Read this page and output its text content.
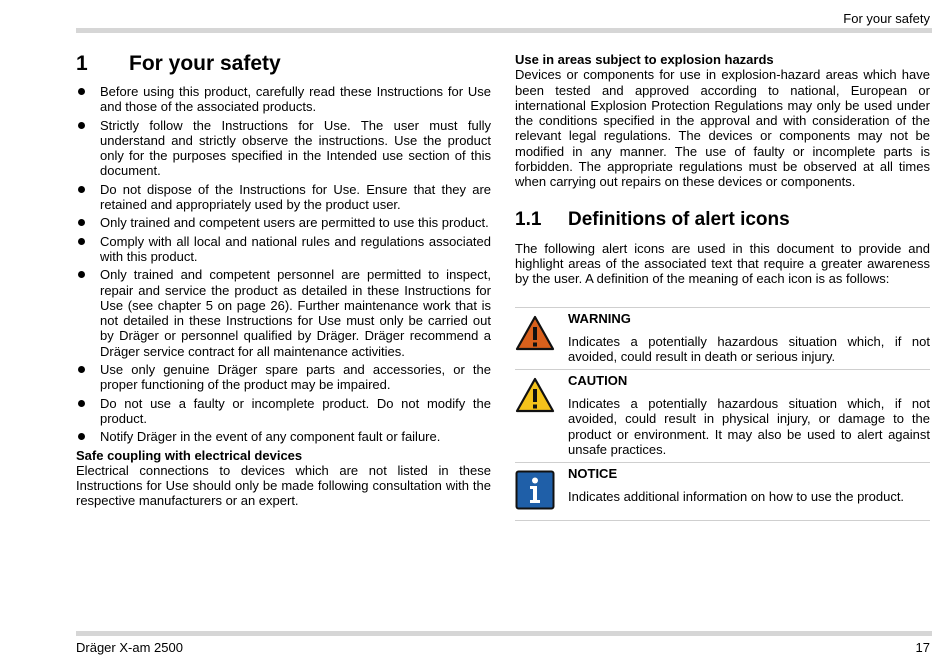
For your safety
1	For your safety
Before using this product, carefully read these Instructions for Use and those of the associated products.
Strictly follow the Instructions for Use. The user must fully understand and strictly observe the instructions. Use the product only for the purposes specified in the Intended use section of this document.
Do not dispose of the Instructions for Use. Ensure that they are retained and appropriately used by the product user.
Only trained and competent users are permitted to use this product.
Comply with all local and national rules and regulations associated with this product.
Only trained and competent personnel are permitted to inspect, repair and service the product as detailed in these Instructions for Use (see chapter 5 on page 26). Further maintenance work that is not detailed in these Instructions for Use must only be carried out by Dräger or personnel qualified by Dräger. Dräger recommend a Dräger service contract for all maintenance activities.
Use only genuine Dräger spare parts and accessories, or the proper functioning of the product may be impaired.
Do not use a faulty or incomplete product. Do not modify the product.
Notify Dräger in the event of any component fault or failure.
Safe coupling with electrical devices

Electrical connections to devices which are not listed in these Instructions for Use should only be made following consultation with the respective manufacturers or an expert.

Use in areas subject to explosion hazards

Devices or components for use in explosion-hazard areas which have been tested and approved according to national, European or international Explosion Protection Regulations may only be used under the conditions specified in the approval and with consideration of the relevant legal regulations. The devices or components may not be modified in any manner. The use of faulty or incomplete parts is forbidden. The appropriate regulations must be observed at all times when carrying out repairs on these devices or components.

1.1	Definitions of alert icons

The following alert icons are used in this document to provide and highlight areas of the associated text that require a greater awareness by the user. A definition of the meaning of each icon is as follows:

WARNING

Indicates a potentially hazardous situation which, if not avoided, could result in death or serious injury.

CAUTION

Indicates a potentially hazardous situation which, if not avoided, could result in physical injury, or damage to the product or environment. It may also be used to alert against unsafe practices.

NOTICE

Indicates additional information on how to use the product.

Dräger X-am 2500	17
